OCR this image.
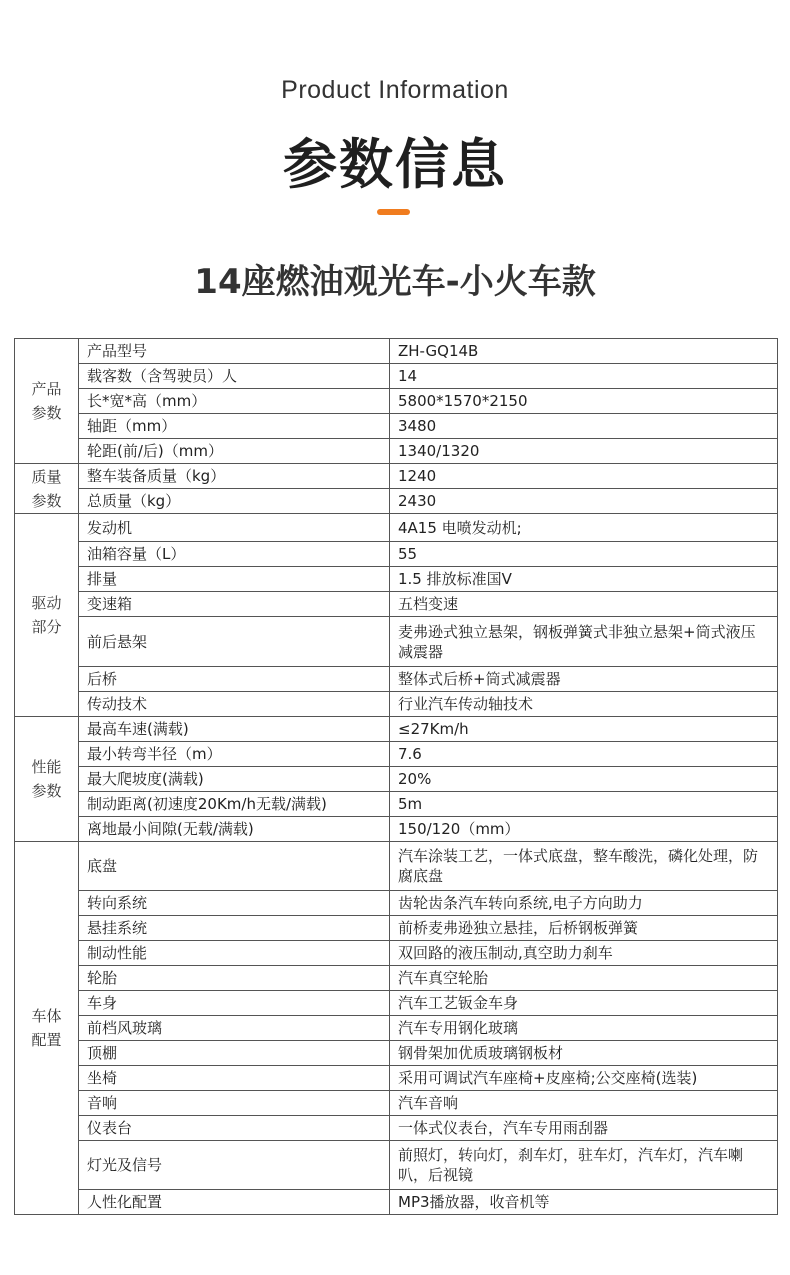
Product Information
参数信息
14座燃油观光车-小火车款
产品
参数	产品型号	ZH-GQ14B
	载客数（含驾驶员）人	14
	长*宽*高（mm）	5800*1570*2150
	轴距（mm）	3480
	轮距(前/后)（mm）	1340/1320
质量
参数	整车装备质量（kg）	1240
	总质量（kg）	2430
驱动
部分	发动机	4A15 电喷发动机;
	油箱容量（L）	55
	排量	1.5 排放标准国Ⅴ
	变速箱	五档变速
	前后悬架	麦弗逊式独立悬架，钢板弹簧式非独立悬架+筒式液压减震器
	后桥	整体式后桥+筒式减震器
	传动技术	行业汽车传动轴技术
性能
参数	最高车速(满载)	≤27Km/h
	最小转弯半径（m）	7.6
	最大爬坡度(满载)	20%
	制动距离(初速度20Km/h无载/满载)	5m
	离地最小间隙(无载/满载)	150/120（mm）
车体
配置	底盘	汽车涂装工艺，一体式底盘，整车酸洗，磷化处理，防腐底盘
	转向系统	齿轮齿条汽车转向系统,电子方向助力
	悬挂系统	前桥麦弗逊独立悬挂，后桥钢板弹簧
	制动性能	双回路的液压制动,真空助力刹车
	轮胎	汽车真空轮胎
	车身	汽车工艺钣金车身
	前档风玻璃	汽车专用钢化玻璃
	顶棚	钢骨架加优质玻璃钢板材
	坐椅	采用可调试汽车座椅+皮座椅;公交座椅(选装)
	音响	汽车音响
	仪表台	一体式仪表台，汽车专用雨刮器
	灯光及信号	前照灯，转向灯，刹车灯，驻车灯，汽车灯，汽车喇叭，后视镜
	人性化配置	MP3播放器，收音机等
